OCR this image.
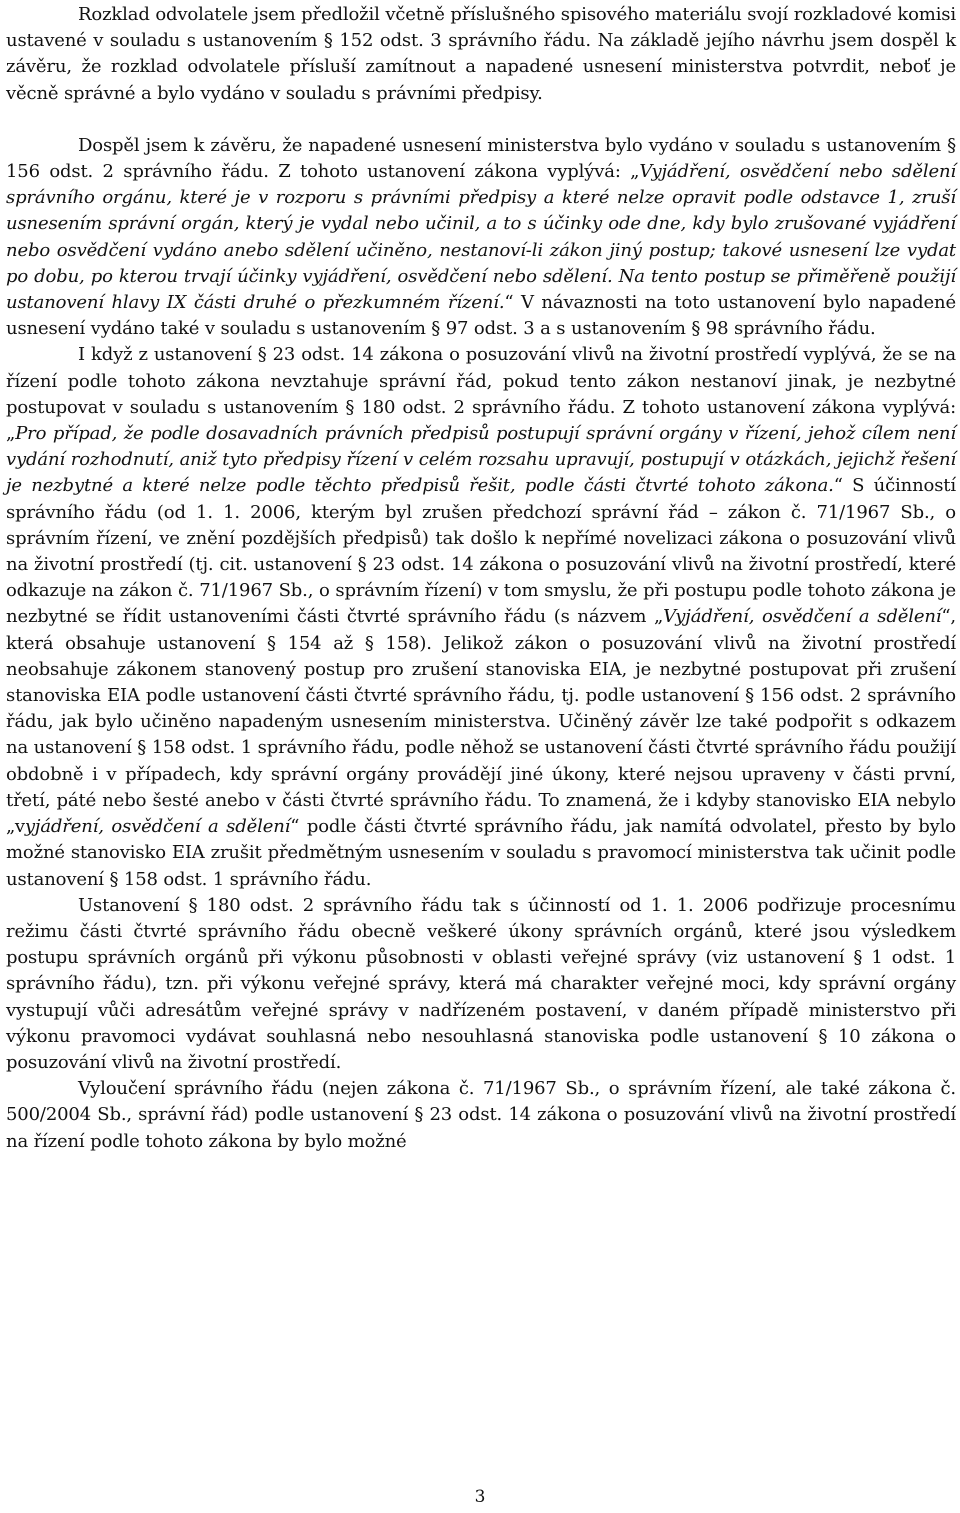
Rozklad odvolatele jsem předložil včetně příslušného spisového materiálu svojí rozkladové komisi ustavené v souladu s ustanovením § 152 odst. 3 správního řádu. Na základě jejího návrhu jsem dospěl k závěru, že rozklad odvolatele přísluší zamítnout a napadené usnesení ministerstva potvrdit, neboť je věcně správné a bylo vydáno v souladu s právními předpisy.

Dospěl jsem k závěru, že napadené usnesení ministerstva bylo vydáno v souladu s ustanovením § 156 odst. 2 správního řádu. Z tohoto ustanovení zákona vyplývá: „Vyjádření, osvědčení nebo sdělení správního orgánu, které je v rozporu s právními předpisy a které nelze opravit podle odstavce 1, zruší usnesením správní orgán, který je vydal nebo učinil, a to s účinky ode dne, kdy bylo zrušované vyjádření nebo osvědčení vydáno anebo sdělení učiněno, nestanoví-li zákon jiný postup; takové usnesení lze vydat po dobu, po kterou trvají účinky vyjádření, osvědčení nebo sdělení. Na tento postup se přiměřeně použijí ustanovení hlavy IX části druhé o přezkumném řízení.“ V návaznosti na toto ustanovení bylo napadené usnesení vydáno také v souladu s ustanovením § 97 odst. 3 a s ustanovením § 98 správního řádu.

I když z ustanovení § 23 odst. 14 zákona o posuzování vlivů na životní prostředí vyplývá, že se na řízení podle tohoto zákona nevztahuje správní řád, pokud tento zákon nestanoví jinak, je nezbytné postupovat v souladu s ustanovením § 180 odst. 2 správního řádu. Z tohoto ustanovení zákona vyplývá: „Pro případ, že podle dosavadních právních předpisů postupují správní orgány v řízení, jehož cílem není vydání rozhodnutí, aniž tyto předpisy řízení v celém rozsahu upravují, postupují v otázkách, jejichž řešení je nezbytné a které nelze podle těchto předpisů řešit, podle části čtvrté tohoto zákona.“ S účinností správního řádu (od 1. 1. 2006, kterým byl zrušen předchozí správní řád – zákon č. 71/1967 Sb., o správním řízení, ve znění pozdějších předpisů) tak došlo k nepřímé novelizaci zákona o posuzování vlivů na životní prostředí (tj. cit. ustanovení § 23 odst. 14 zákona o posuzování vlivů na životní prostředí, které odkazuje na zákon č. 71/1967 Sb., o správním řízení) v tom smyslu, že při postupu podle tohoto zákona je nezbytné se řídit ustanoveními části čtvrté správního řádu (s názvem „Vyjádření, osvědčení a sdělení“, která obsahuje ustanovení § 154 až § 158). Jelikož zákon o posuzování vlivů na životní prostředí neobsahuje zákonem stanovený postup pro zrušení stanoviska EIA, je nezbytné postupovat při zrušení stanoviska EIA podle ustanovení části čtvrté správního řádu, tj. podle ustanovení § 156 odst. 2 správního řádu, jak bylo učiněno napadeným usnesením ministerstva. Učiněný závěr lze také podpořit s odkazem na ustanovení § 158 odst. 1 správního řádu, podle něhož se ustanovení části čtvrté správního řádu použijí obdobně i v případech, kdy správní orgány provádějí jiné úkony, které nejsou upraveny v části první, třetí, páté nebo šesté anebo v části čtvrté správního řádu. To znamená, že i kdyby stanovisko EIA nebylo „vyjádření, osvědčení a sdělení“ podle části čtvrté správního řádu, jak namítá odvolatel, přesto by bylo možné stanovisko EIA zrušit předmětným usnesením v souladu s pravomocí ministerstva tak učinit podle ustanovení § 158 odst. 1 správního řádu.

Ustanovení § 180 odst. 2 správního řádu tak s účinností od 1. 1. 2006 podřizuje procesnímu režimu části čtvrté správního řádu obecně veškeré úkony správních orgánů, které jsou výsledkem postupu správních orgánů při výkonu působnosti v oblasti veřejné správy (viz ustanovení § 1 odst. 1 správního řádu), tzn. při výkonu veřejné správy, která má charakter veřejné moci, kdy správní orgány vystupují vůči adresátům veřejné správy v nadřízeném postavení, v daném případě ministerstvo při výkonu pravomoci vydávat souhlasná nebo nesouhlasná stanoviska podle ustanovení § 10 zákona o posuzování vlivů na životní prostředí.

Vyloučení správního řádu (nejen zákona č. 71/1967 Sb., o správním řízení, ale také zákona č. 500/2004 Sb., správní řád) podle ustanovení § 23 odst. 14 zákona o posuzování vlivů na životní prostředí na řízení podle tohoto zákona by bylo možné

3
